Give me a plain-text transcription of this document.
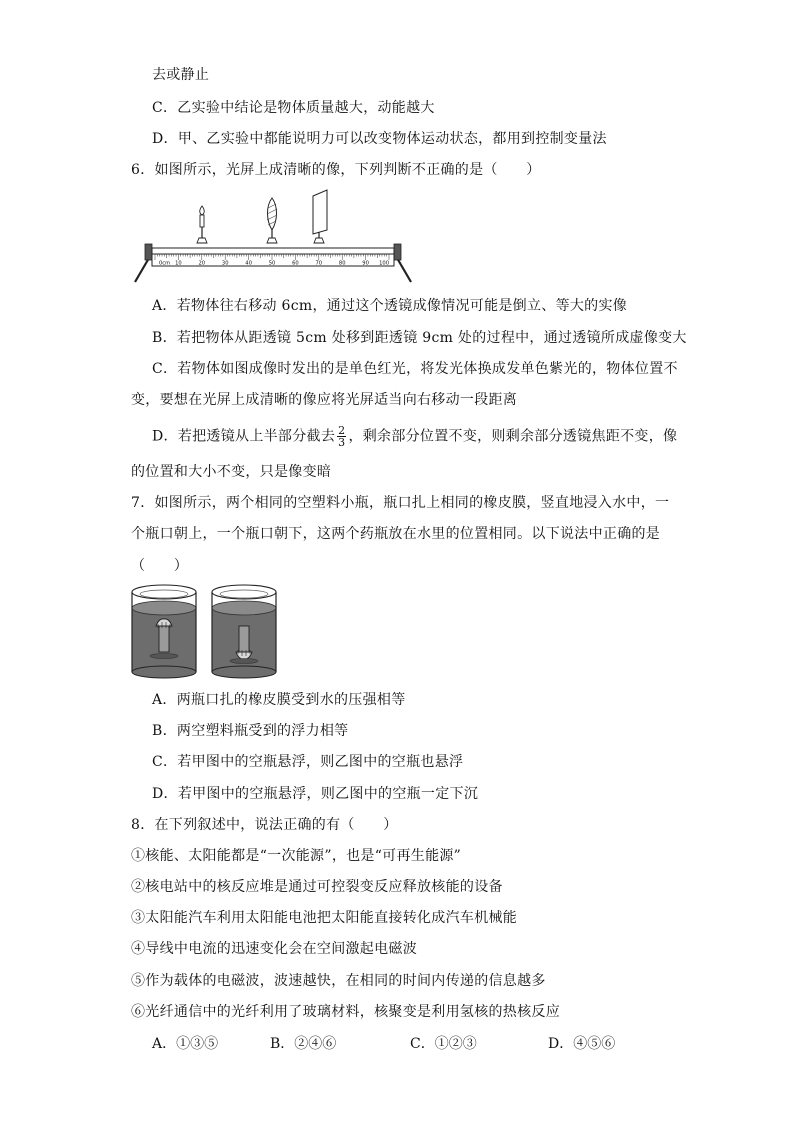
去或静止
C．乙实验中结论是物体质量越大，动能越大
D．甲、乙实验中都能说明力可以改变物体运动状态，都用到控制变量法
6．如图所示，光屏上成清晰的像，下列判断不正确的是（　　）
0cm 10	20	30	40	50	60	70	80	90 100
A．若物体往右移动 6cm，通过这个透镜成像情况可能是倒立、等大的实像
B．若把物体从距透镜 5cm 处移到距透镜 9cm 处的过程中，通过透镜所成虚像变大
C．若物体如图成像时发出的是单色红光，将发光体换成发单色紫光的，物体位置不
变，要想在光屏上成清晰的像应将光屏适当向右移动一段距离
D．若把透镜从上半部分截去 $\frac{2}{3}$ ，剩余部分位置不变，则剩余部分透镜焦距不变，像
的位置和大小不变，只是像变暗
7．如图所示，两个相同的空塑料小瓶，瓶口扎上相同的橡皮膜，竖直地浸入水中，一
个瓶口朝上，一个瓶口朝下，这两个药瓶放在水里的位置相同。以下说法中正确的是
（　　）
A．两瓶口扎的橡皮膜受到水的压强相等
B．两空塑料瓶受到的浮力相等
C．若甲图中的空瓶悬浮，则乙图中的空瓶也悬浮
D．若甲图中的空瓶悬浮，则乙图中的空瓶一定下沉
8．在下列叙述中，说法正确的有（　　）
①核能、太阳能都是“一次能源”，也是“可再生能源”
②核电站中的核反应堆是通过可控裂变反应释放核能的设备
③太阳能汽车利用太阳能电池把太阳能直接转化成汽车机械能
④导线中电流的迅速变化会在空间激起电磁波
⑤作为载体的电磁波，波速越快，在相同的时间内传递的信息越多
⑥光纤通信中的光纤利用了玻璃材料，核聚变是利用氢核的热核反应
A．①③⑤	B．②④⑥	C．①②③	D．④⑤⑥
